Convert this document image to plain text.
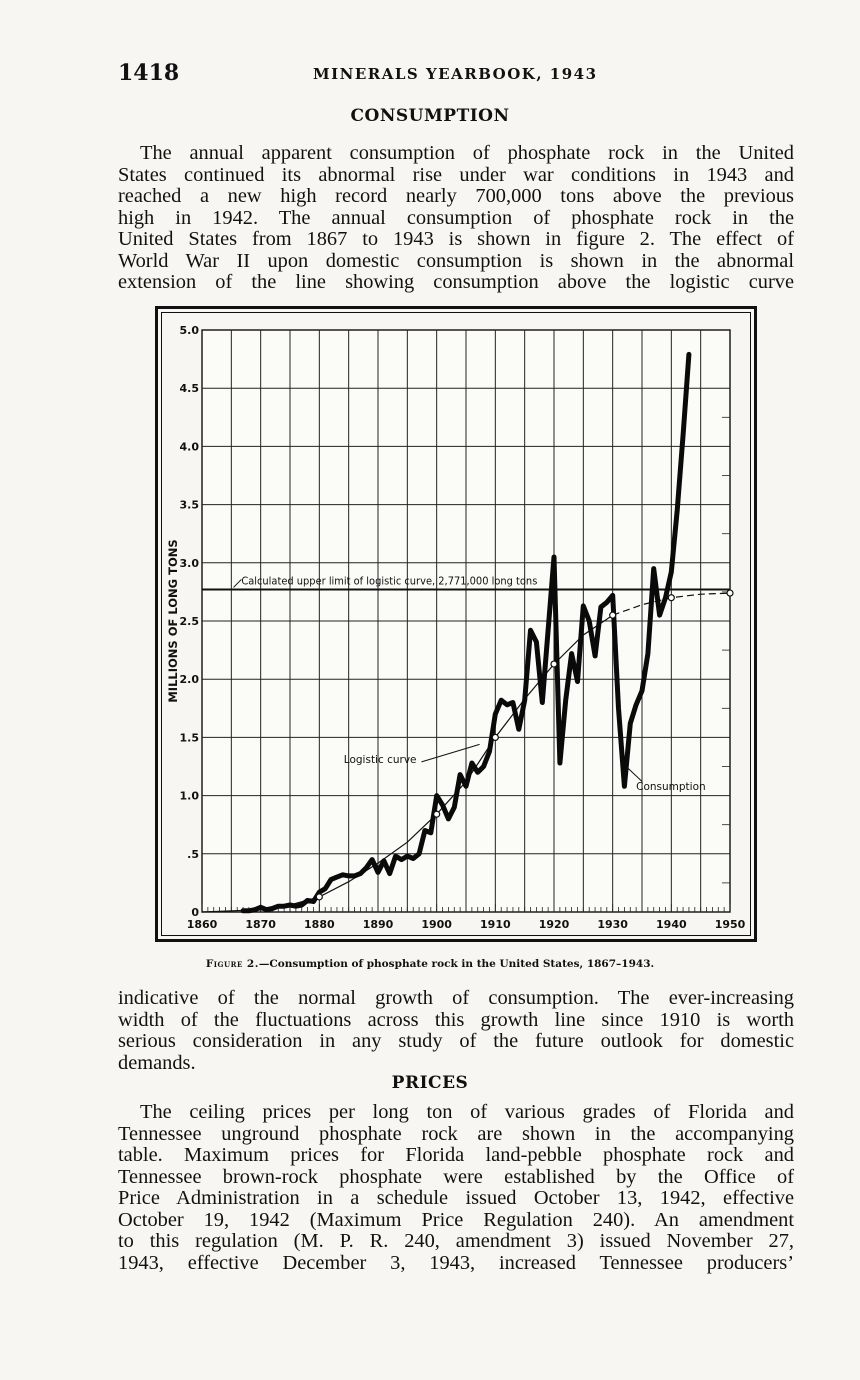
1418	MINERALS YEARBOOK, 1943
CONSUMPTION
The annual apparent consumption of phosphate rock in the United
States continued its abnormal rise under war conditions in 1943 and
reached a new high record nearly 700,000 tons above the previous
high in 1942. The annual consumption of phosphate rock in the
United States from 1867 to 1943 is shown in figure 2. The effect of
World War II upon domestic consumption is shown in the abnormal
extension of the line showing consumption above the logistic curve
1860	1870	1880	1890	1900	1910	1920	1930	1940	1950
0
.5
1.0
1.5
2.0
2.5
3.0
3.5
4.0
4.5
5.0
MILLIONS OF LONG TONS	Calculated upper limit of logistic curve, 2,771,000 long tons
Logistic curve
Consumption
Figure 2.—Consumption of phosphate rock in the United States, 1867–1943.
indicative of the normal growth of consumption. The ever-increasing
width of the fluctuations across this growth line since 1910 is worth
serious consideration in any study of the future outlook for domestic
demands.
PRICES
The ceiling prices per long ton of various grades of Florida and
Tennessee unground phosphate rock are shown in the accompanying
table. Maximum prices for Florida land-pebble phosphate rock and
Tennessee brown-rock phosphate were established by the Office of
Price Administration in a schedule issued October 13, 1942, effective
October 19, 1942 (Maximum Price Regulation 240). An amendment
to this regulation (M. P. R. 240, amendment 3) issued November 27,
1943, effective December 3, 1943, increased Tennessee producers’
